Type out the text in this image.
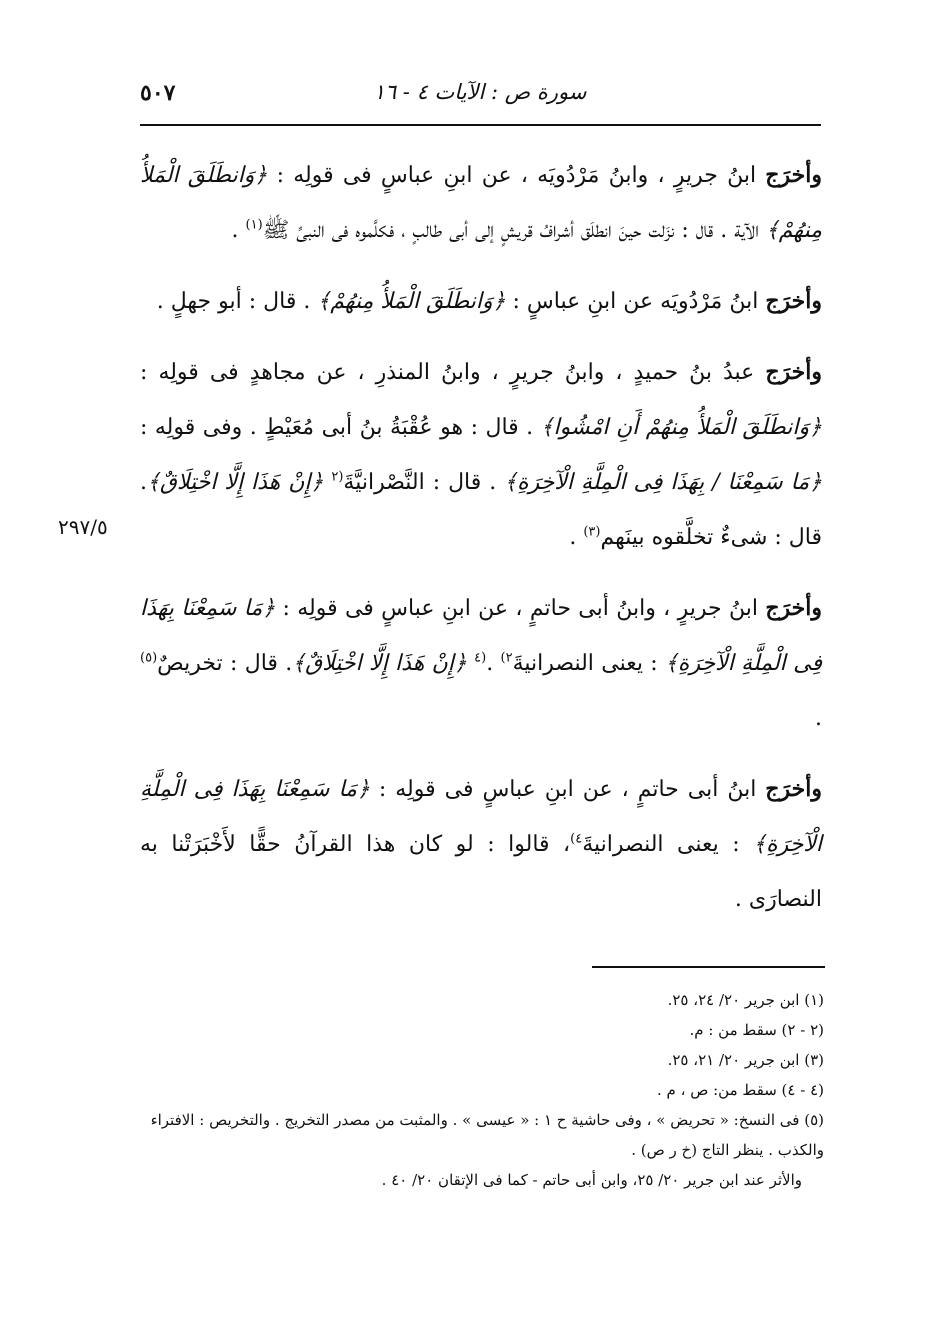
سورة ص : الآيات ٤ - ١٦
٥٠٧

وأخرَج ابنُ جريرٍ ، وابنُ مَرْدُويَه ، عن ابنِ عباسٍ فى قولِه : ﴿وَانطَلَقَ الْمَلأُ مِنهُمْ﴾ الآية . قال : نزَلت حينَ انطلَق أشرافُ قريشٍ إلى أبى طالبٍ ، فكلَّموه فى النبىِّ ﷺ$^{(١)}$ .

وأخرَج ابنُ مَرْدُويَه عن ابنِ عباسٍ : ﴿وَانطَلَقَ الْمَلأُ مِنهُمْ﴾ . قال : أبو جهلٍ .

وأخرَج عبدُ بنُ حميدٍ ، وابنُ جريرٍ ، وابنُ المنذرِ ، عن مجاهدٍ فى قولِه : ﴿وَانطَلَقَ الْمَلأُ مِنهُمْ أَنِ امْشُوا﴾ . قال : هو عُقْبَةُ بنُ أبى مُعَيْطٍ . وفى قولِه : ﴿مَا سَمِعْنَا / بِهَذَا فِى الْمِلَّةِ الْآخِرَةِ﴾ . قال : النَّصْرانيَّةَ$^{(٢}$ ﴿إِنْ هَذَا إِلَّا اخْتِلَاقٌ﴾. قال : شىءٌ تخلَّقوه بينَهم$^{(٣)}$ .

وأخرَج ابنُ جريرٍ ، وابنُ أبى حاتمٍ ، عن ابنِ عباسٍ فى قولِه : ﴿مَا سَمِعْنَا بِهَذَا فِى الْمِلَّةِ الْآخِرَةِ﴾ : يعنى النصرانيةَ$^{٢)}$ .$^{(٤}$ ﴿إِنْ هَذَا إِلَّا اخْتِلَاقٌ﴾. قال : تخريصٌ$^{(٥)}$ .

وأخرَج ابنُ أبى حاتمٍ ، عن ابنِ عباسٍ فى قولِه : ﴿مَا سَمِعْنَا بِهَذَا فِى الْمِلَّةِ الْآخِرَةِ﴾ : يعنى النصرانيةَ$^{٤)}$، قالوا : لو كان هذا القرآنُ حقًّا لأَخْبَرَتْنا به النصارَى .

٢٩٧/٥

(١) ابن جرير ٢٠/ ٢٤، ٢٥.

(٢ - ٢) سقط من : م.

(٣) ابن جرير ٢٠/ ٢١، ٢٥.

(٤ - ٤) سقط من: ص ، م .

(٥) فى النسخ: « تحريض » ، وفى حاشية ح ١ : « عيسى » . والمثبت من مصدر التخريج . والتخريص : الافتراء والكذب . ينظر التاج (خ ر ص) .

والأثر عند ابن جرير ٢٠/ ٢٥، وابن أبى حاتم - كما فى الإتقان ٢٠/ ٤٠ .
